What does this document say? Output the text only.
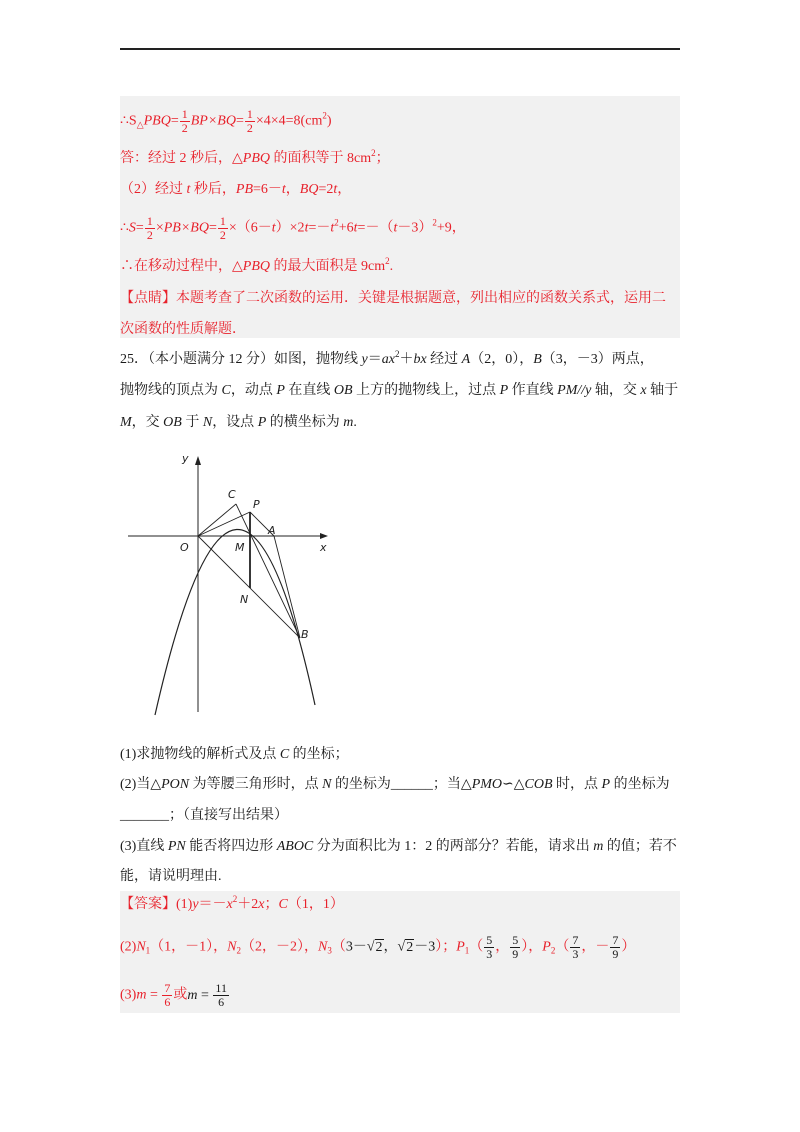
$\therefore S_\triangle PBQ= \frac{1}{2} BP\times BQ= \frac{1}{2} \times 4\times 4=8(cm^2)$
答：经过 2 秒后，△PBQ 的面积等于 $8cm^2$；
（2）经过 t 秒后，PB=6－t，BQ=2t，
∴S= $\frac{1}{2} \times PB\times BQ= \frac{1}{2} \times(6-t)\times 2t=-t^2+6t=-(t-3)^2+9$，
∴在移动过程中，△PBQ 的最大面积是 $9cm^2$.
【点睛】本题考查了二次函数的运用．关键是根据题意，列出相应的函数关系式，运用二
次函数的性质解题．
25．（本小题满分 12 分）如图，抛物线 $y=ax^2+bx$ 经过 A（2，0），B（3，－3）两点，
抛物线的顶点为 C，动点 P 在直线 OB 上方的抛物线上，过点 P 作直线 PM//y 轴，交 x 轴于
M，交 OB 于 N，设点 P 的横坐标为 m.
y
x
O
C
P
A
M
N
B
(1)求抛物线的解析式及点 C 的坐标；
(2)当△PON 为等腰三角形时，点 N 的坐标为______；当△PMO∽△COB 时，点 P 的坐标为
_______；（直接写出结果）
(3)直线 PN 能否将四边形 ABOC 分为面积比为 1：2 的两部分？若能，请求出 m 的值；若不
能，请说明理由.
【答案】$(1)y=-x^2+2x$；C（1，1）
$(2)N_1(1$，－1），$N_2(2$，－2），$N_3(3-√2$，√2－3）；$P_1( \frac{5}{3}$ ， $\frac{5}{9}$ ），$P_2( \frac{7}{3}$ ，－ $\frac{7}{9}$ ）
$(3)m = \frac{7}{6}$ 或$m = \frac{11}{6}$
